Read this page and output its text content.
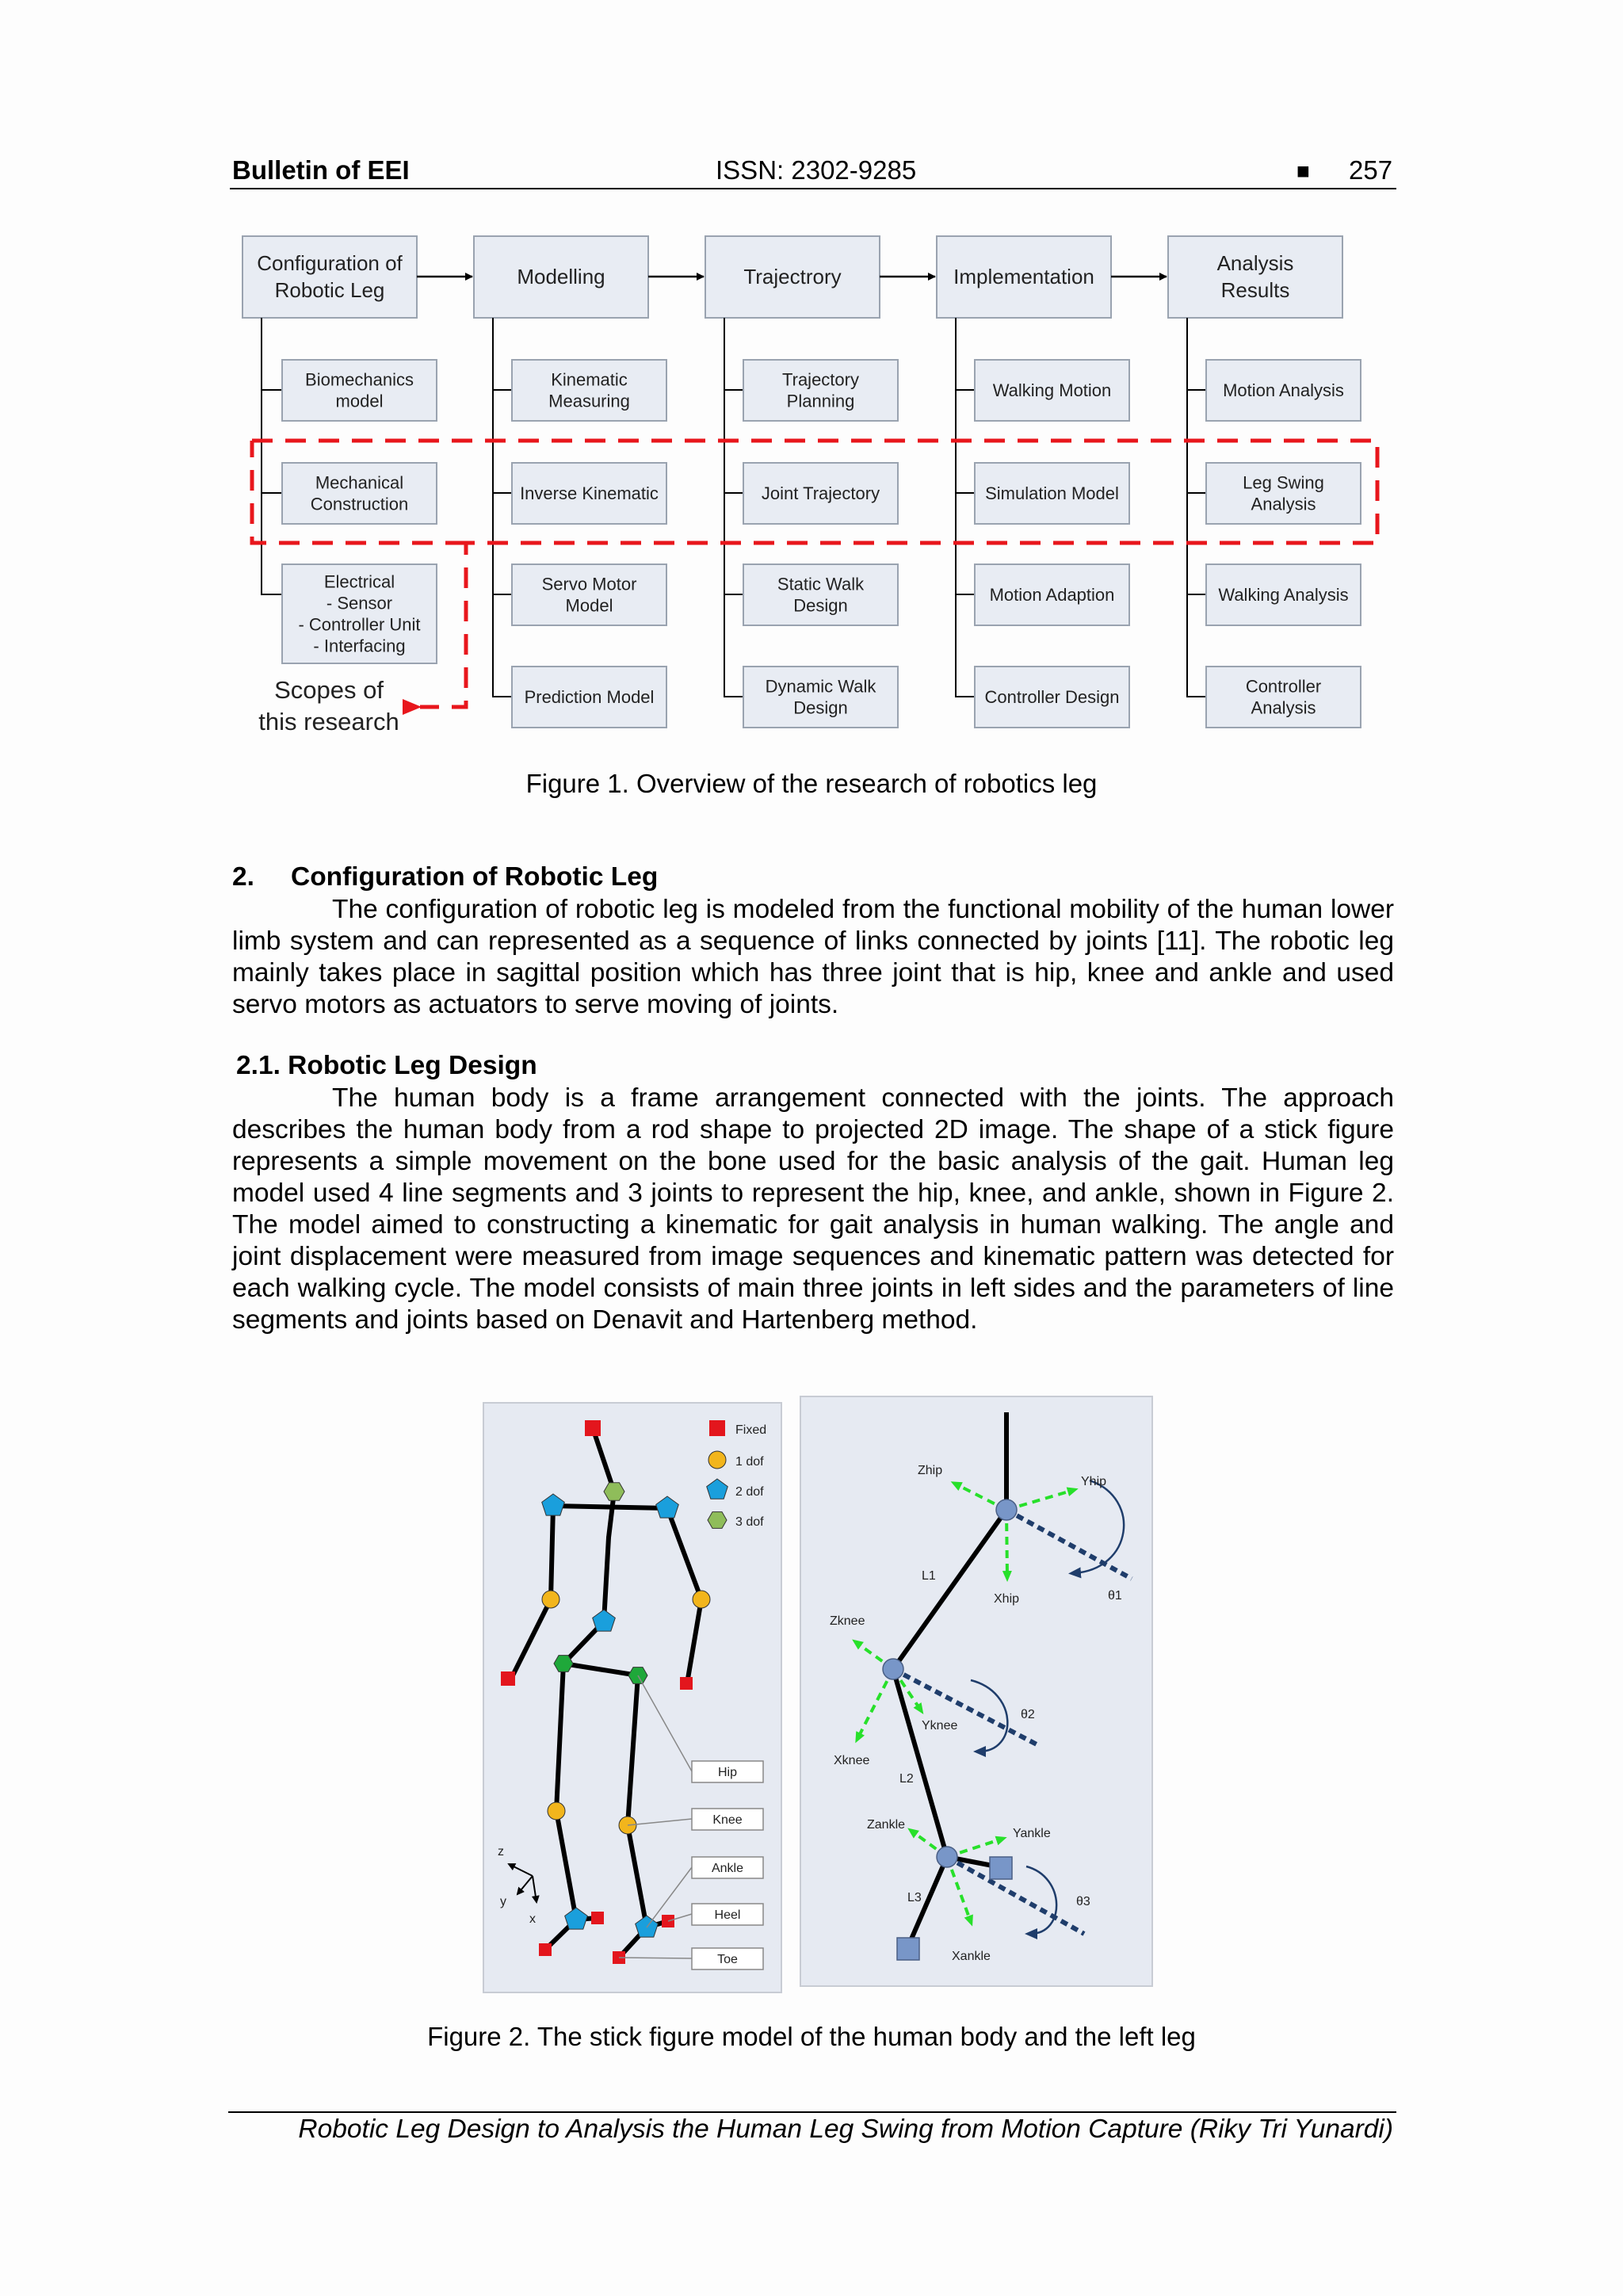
Bulletin of EEI	ISSN: 2302-9285	■ 257
Configuration of Robotic Leg
Biomechanics model
Mechanical Construction
Electrical - Sensor - Controller Unit - Interfacing
Modelling
Kinematic Measuring
Inverse Kinematic
Servo Motor Model
Prediction Model
Trajectrory
Trajectory Planning
Joint Trajectory
Static Walk Design
Dynamic Walk Design
Implementation
Walking Motion
Simulation Model
Motion Adaption
Controller Design
Analysis Results
Motion Analysis
Leg Swing Analysis
Walking Analysis
Controller Analysis
Scopes of this research
Figure 1. Overview of the research of robotics leg
2. Configuration of Robotic Leg

The configuration of robotic leg is modeled from the functional mobility of the human lower limb system and can represented as a sequence of links connected by joints [11]. The robotic leg mainly takes place in sagittal position which has three joint that is hip, knee and ankle and used servo motors as actuators to serve moving of joints.

2.1. Robotic Leg Design

The human body is a frame arrangement connected with the joints. The approach describes the human body from a rod shape to projected 2D image. The shape of a stick figure represents a simple movement on the bone used for the basic analysis of the gait. Human leg model used 4 line segments and 3 joints to represent the hip, knee, and ankle, shown in Figure 2. The model aimed to constructing a kinematic for gait analysis in human walking. The angle and joint displacement were measured from image sequences and kinematic pattern was detected for each walking cycle. The model consists of main three joints in left sides and the parameters of line segments and joints based on Denavit and Hartenberg method.

Fixed
1 dof
2 dof
3 dof
Hip
Knee
Ankle
Heel
Toe
z
y
x
Zhip
Yhip
Xhip	θ1
L1
Zknee
Yknee
Xknee
θ2
L2
Zankle
Yankle
Xankle
θ3
L3
Figure 2. The stick figure model of the human body and the left leg
Robotic Leg Design to Analysis the Human Leg Swing from Motion Capture (Riky Tri Yunardi)
